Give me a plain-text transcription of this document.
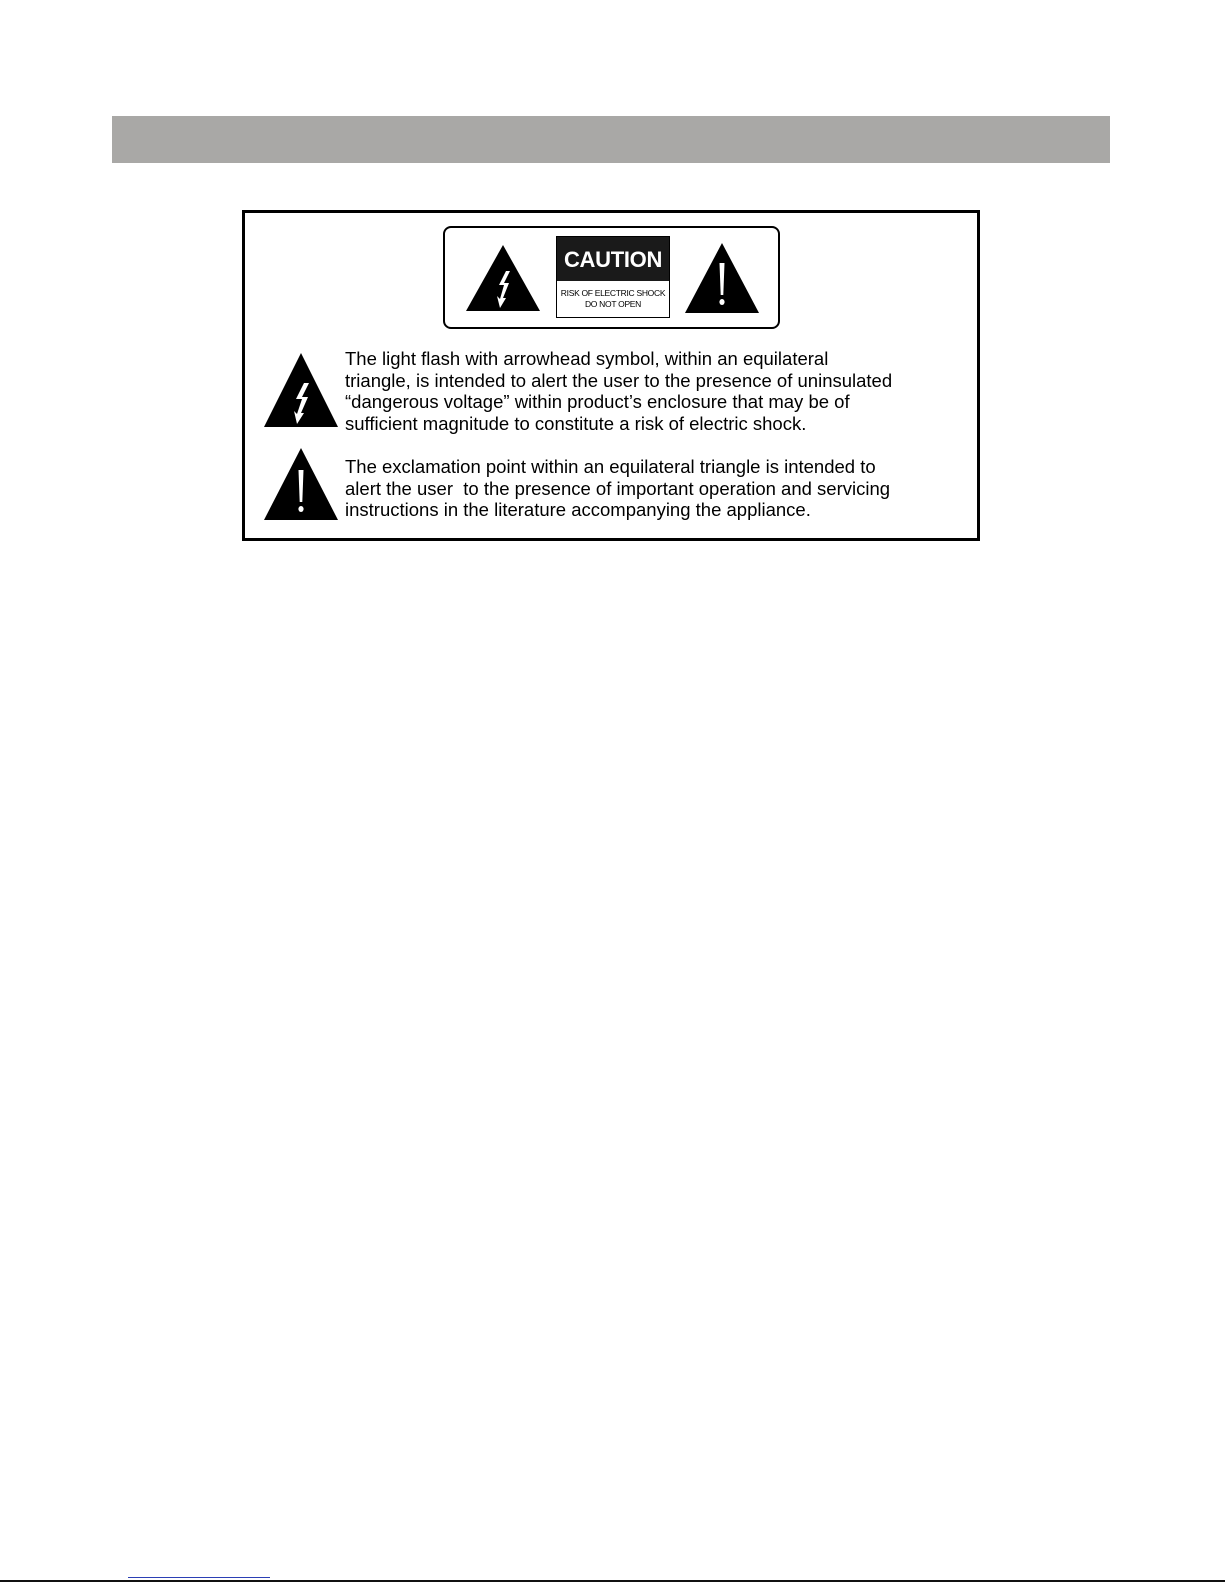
CAUTION
RISK OF ELECTRIC SHOCK
DO NOT OPEN
The light flash with arrowhead symbol, within an equilateral
triangle, is intended to alert the user to the presence of uninsulated
“dangerous voltage” within product’s enclosure that may be of
sufficient magnitude to constitute a risk of electric shock.
The exclamation point within an equilateral triangle is intended to
alert the user  to the presence of important operation and servicing
instructions in the literature accompanying the appliance.
